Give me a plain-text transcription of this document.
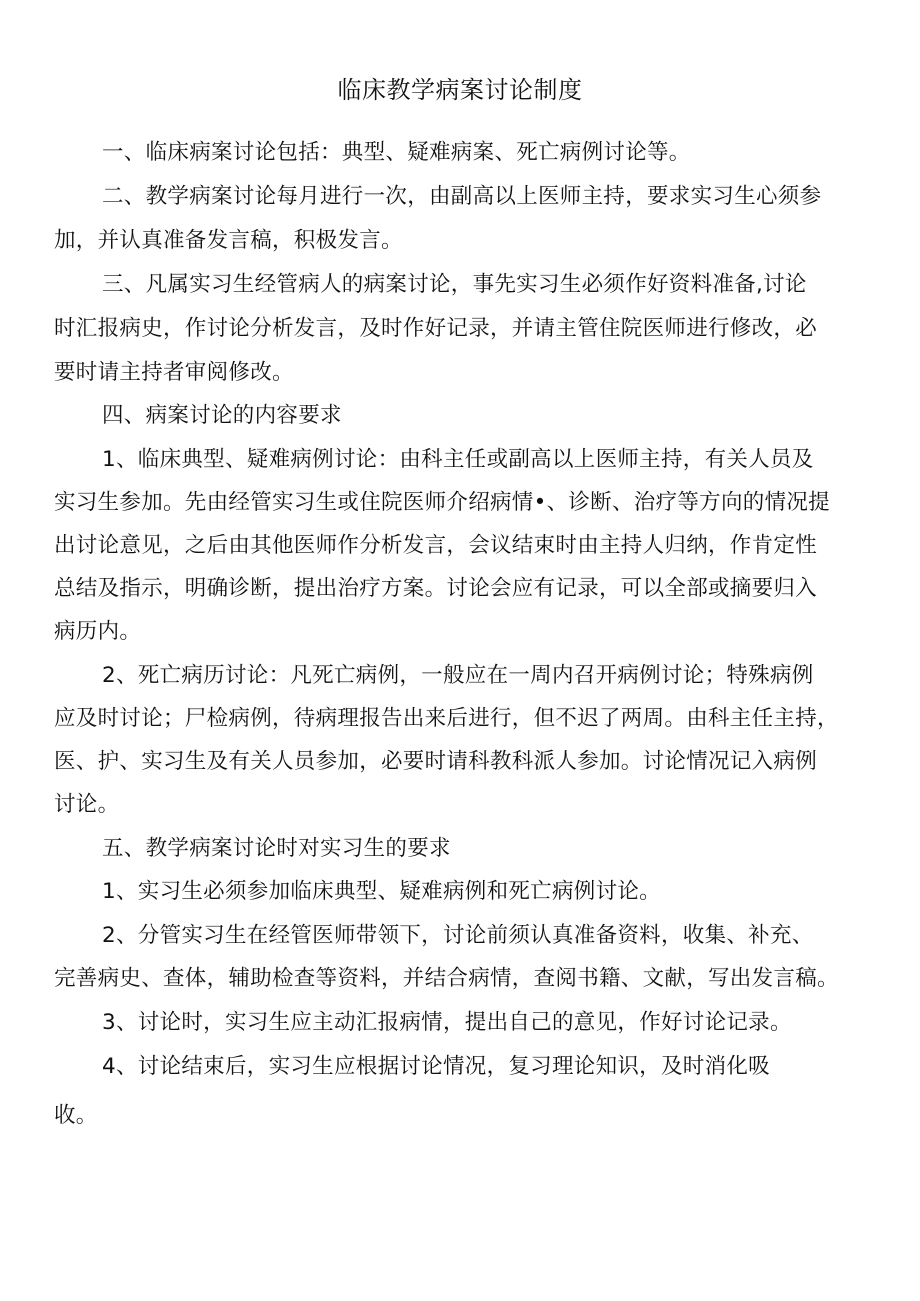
临床教学病案讨论制度
一、临床病案讨论包括：典型、疑难病案、死亡病例讨论等。
二、教学病案讨论每月进行一次，由副高以上医师主持，要求实习生心须参
加，并认真准备发言稿，积极发言。
三、凡属实习生经管病人的病案讨论，事先实习生必须作好资料准备,讨论
时汇报病史，作讨论分析发言，及时作好记录，并请主管住院医师进行修改，必
要时请主持者审阅修改。
四、病案讨论的内容要求
1、临床典型、疑难病例讨论：由科主任或副高以上医师主持，有关人员及
实习生参加。先由经管实习生或住院医师介绍病情•、诊断、治疗等方向的情况提
出讨论意见，之后由其他医师作分析发言，会议结束时由主持人归纳，作肯定性
总结及指示，明确诊断，提出治疗方案。讨论会应有记录，可以全部或摘要归入
病历内。
2、死亡病历讨论：凡死亡病例，一般应在一周内召开病例讨论；特殊病例
应及时讨论；尸检病例，待病理报告出来后进行，但不迟了两周。由科主任主持，
医、护、实习生及有关人员参加，必要时请科教科派人参加。讨论情况记入病例
讨论。
五、教学病案讨论时对实习生的要求
1、实习生必须参加临床典型、疑难病例和死亡病例讨论。
2、分管实习生在经管医师带领下，讨论前须认真准备资料，收集、补充、
完善病史、查体，辅助检查等资料，并结合病情，查阅书籍、文献，写出发言稿。
3、讨论时，实习生应主动汇报病情，提出自己的意见，作好讨论记录。
4、讨论结束后，实习生应根据讨论情况，复习理论知识，及时消化吸
收。
